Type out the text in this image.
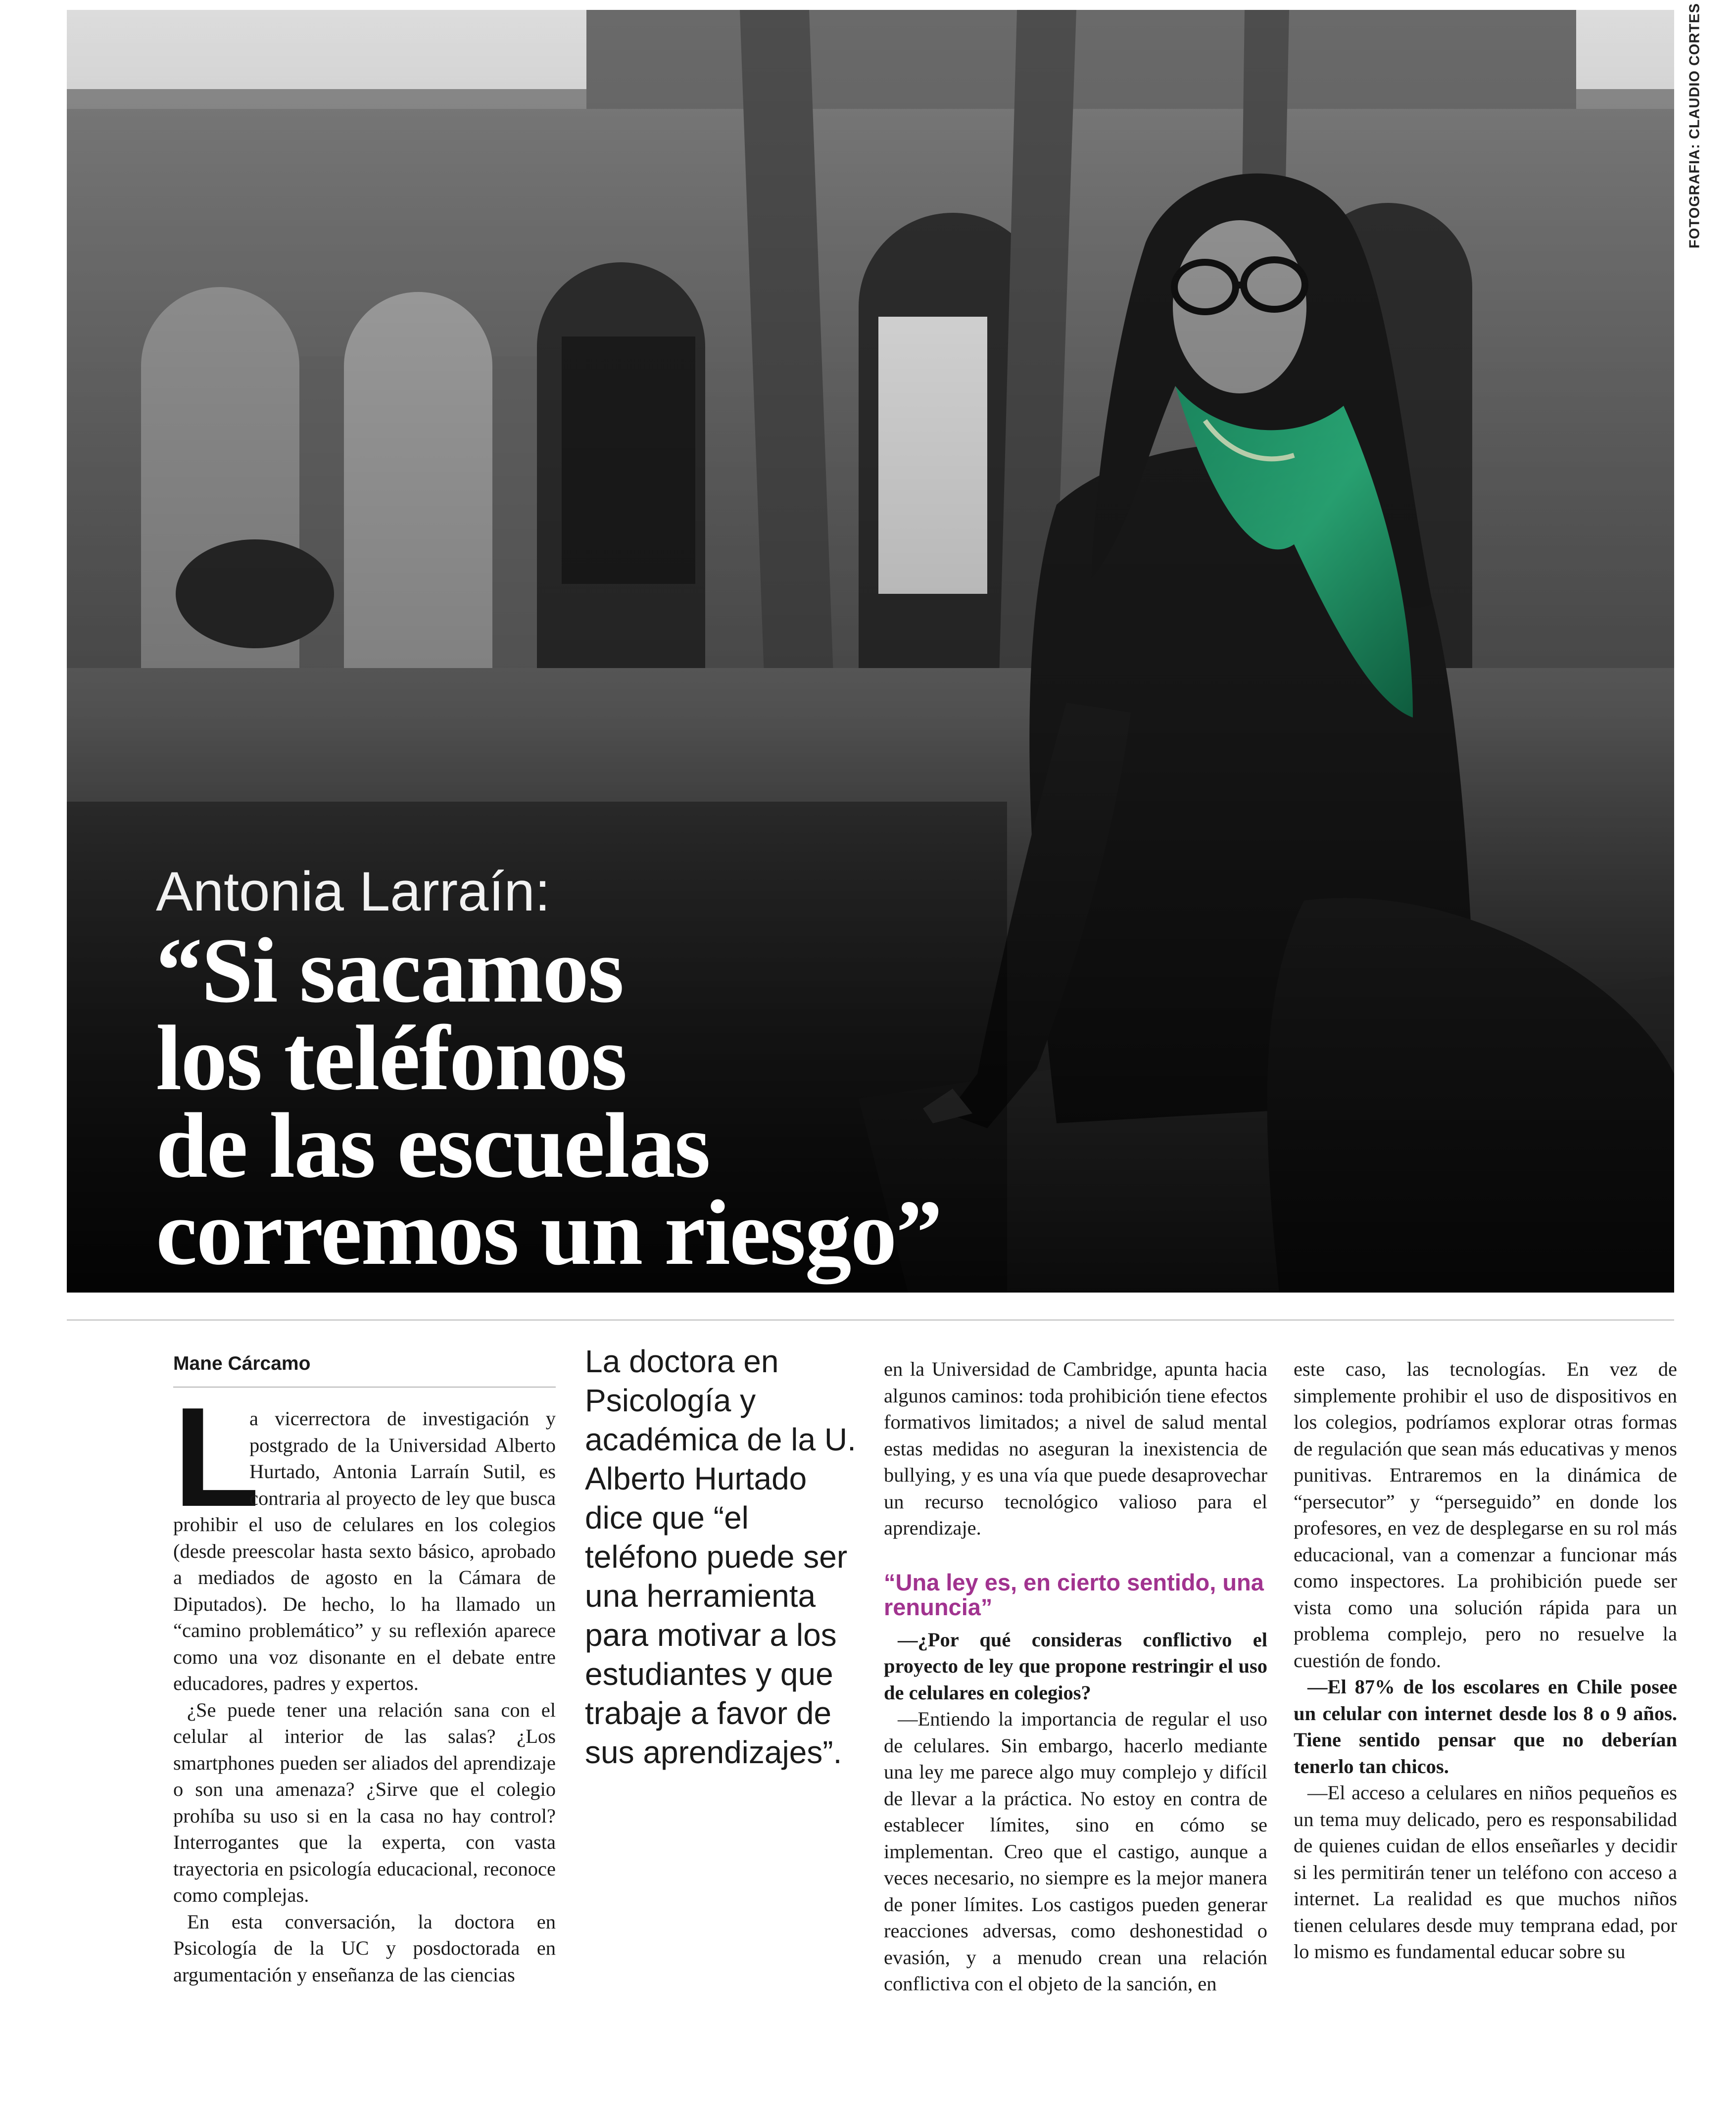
Antonia Larraín:
“Si sacamos
los teléfonos
de las escuelas
corremos un riesgo”
FOTOGRAFIA: CLAUDIO CORTES
Mane Cárcamo

L
a vicerrectora de investigación y postgrado de la Universidad Alberto Hurtado, Antonia Larraín Sutil, es contraria al proyecto de ley que busca prohibir el uso de celulares en los colegios (desde preescolar hasta sexto básico, aprobado a mediados de agosto en la Cámara de Diputados). De hecho, lo ha llamado un “camino problemático” y su reflexión aparece como una voz disonante en el debate entre educadores, padres y expertos.

¿Se puede tener una relación sana con el celular al interior de las salas? ¿Los smartphones pueden ser aliados del aprendizaje o son una amenaza? ¿Sirve que el colegio prohíba su uso si en la casa no hay control? Interrogantes que la experta, con vasta trayectoria en psicología educacional, reconoce como complejas.

En esta conversación, la doctora en Psicología de la UC y posdoctorada en argumentación y enseñanza de las ciencias

La doctora en Psicología y académica de la U. Alberto Hurtado dice que “el teléfono puede ser una herramienta para motivar a los estudiantes y que trabaje a favor de sus aprendizajes”.

en la Universidad de Cambridge, apunta hacia algunos caminos: toda prohibición tiene efectos formativos limitados; a nivel de salud mental estas medidas no aseguran la inexistencia de bullying, y es una vía que puede desaprovechar un recurso tecnológico valioso para el aprendizaje.

“Una ley es, en cierto sentido, una renuncia”

—¿Por qué consideras conflictivo el proyecto de ley que propone restringir el uso de celulares en colegios?

—Entiendo la importancia de regular el uso de celulares. Sin embargo, hacerlo mediante una ley me parece algo muy complejo y difícil de llevar a la práctica. No estoy en contra de establecer límites, sino en cómo se implementan. Creo que el castigo, aunque a veces necesario, no siempre es la mejor manera de poner límites. Los castigos pueden generar reacciones adversas, como deshonestidad o evasión, y a menudo crean una relación conflictiva con el objeto de la sanción, en

este caso, las tecnologías. En vez de simplemente prohibir el uso de dispositivos en los colegios, podríamos explorar otras formas de regulación que sean más educativas y menos punitivas. Entraremos en la dinámica de “persecutor” y “perseguido” en donde los profesores, en vez de desplegarse en su rol más educacional, van a comenzar a funcionar más como inspectores. La prohibición puede ser vista como una solución rápida para un problema complejo, pero no resuelve la cuestión de fondo.

—El 87% de los escolares en Chile posee un celular con internet desde los 8 o 9 años. Tiene sentido pensar que no deberían tenerlo tan chicos.

—El acceso a celulares en niños pequeños es un tema muy delicado, pero es responsabilidad de quienes cuidan de ellos enseñarles y decidir si les permitirán tener un teléfono con acceso a internet. La realidad es que muchos niños tienen celulares desde muy temprana edad, por lo mismo es fundamental educar sobre su
